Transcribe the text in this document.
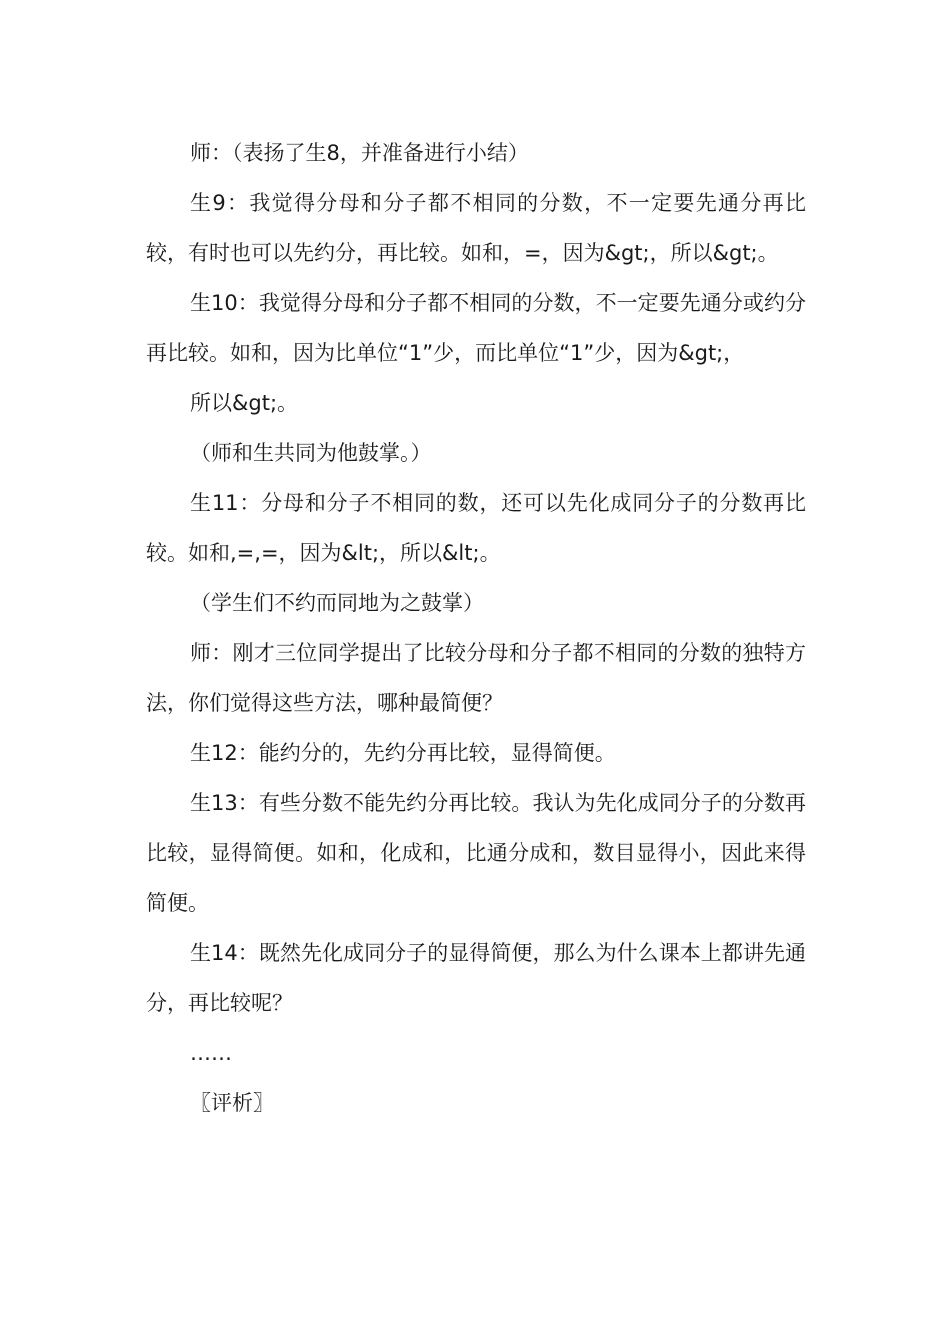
师：（表扬了生8，并准备进行小结）

生9：我觉得分母和分子都不相同的分数，不一定要先通分再比较，有时也可以先约分，再比较。如和，=，因为&gt;，所以&gt;。

生10：我觉得分母和分子都不相同的分数，不一定要先通分或约分再比较。如和，因为比单位“1”少，而比单位“1”少，因为&gt;，

所以&gt;。

（师和生共同为他鼓掌。）

生11：分母和分子不相同的数，还可以先化成同分子的分数再比较。如和,=,=，因为&lt;，所以&lt;。

（学生们不约而同地为之鼓掌）

师：刚才三位同学提出了比较分母和分子都不相同的分数的独特方法，你们觉得这些方法，哪种最简便？

生12：能约分的，先约分再比较，显得简便。

生13：有些分数不能先约分再比较。我认为先化成同分子的分数再比较，显得简便。如和，化成和，比通分成和，数目显得小，因此来得简便。

生14：既然先化成同分子的显得简便，那么为什么课本上都讲先通分，再比较呢？

……

〖评析〗
